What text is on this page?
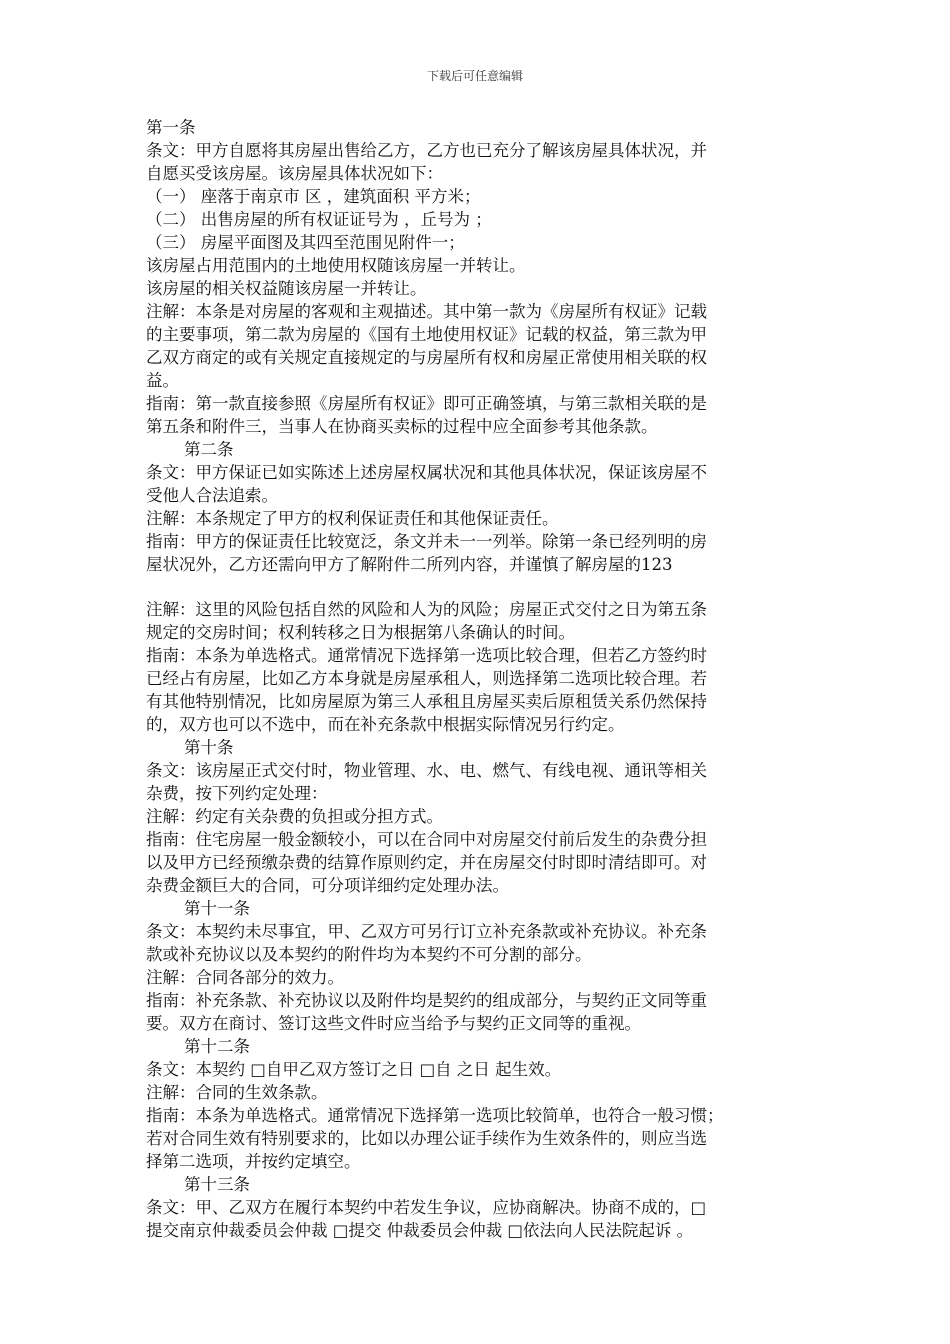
下载后可任意编辑
第一条
条文：甲方自愿将其房屋出售给乙方，乙方也已充分了解该房屋具体状况，并
自愿买受该房屋。该房屋具体状况如下：
（一） 座落于南京市 区 ，建筑面积 平方米；
（二） 出售房屋的所有权证证号为 ，丘号为 ；
（三） 房屋平面图及其四至范围见附件一；
该房屋占用范围内的土地使用权随该房屋一并转让。
该房屋的相关权益随该房屋一并转让。
注解：本条是对房屋的客观和主观描述。其中第一款为《房屋所有权证》记载
的主要事项，第二款为房屋的《国有土地使用权证》记载的权益，第三款为甲
乙双方商定的或有关规定直接规定的与房屋所有权和房屋正常使用相关联的权
益。
指南：第一款直接参照《房屋所有权证》即可正确签填，与第三款相关联的是
第五条和附件三，当事人在协商买卖标的过程中应全面参考其他条款。
第二条
条文：甲方保证已如实陈述上述房屋权属状况和其他具体状况，保证该房屋不
受他人合法追索。
注解：本条规定了甲方的权利保证责任和其他保证责任。
指南：甲方的保证责任比较宽泛，条文并未一一列举。除第一条已经列明的房
屋状况外，乙方还需向甲方了解附件二所列内容，并谨慎了解房屋的123
注解：这里的风险包括自然的风险和人为的风险；房屋正式交付之日为第五条
规定的交房时间；权利转移之日为根据第八条确认的时间。
指南：本条为单选格式。通常情况下选择第一选项比较合理，但若乙方签约时
已经占有房屋，比如乙方本身就是房屋承租人，则选择第二选项比较合理。若
有其他特别情况，比如房屋原为第三人承租且房屋买卖后原租赁关系仍然保持
的，双方也可以不选中，而在补充条款中根据实际情况另行约定。
第十条
条文：该房屋正式交付时，物业管理、水、电、燃气、有线电视、通讯等相关
杂费，按下列约定处理：
注解：约定有关杂费的负担或分担方式。
指南：住宅房屋一般金额较小，可以在合同中对房屋交付前后发生的杂费分担
以及甲方已经预缴杂费的结算作原则约定，并在房屋交付时即时清结即可。对
杂费金额巨大的合同，可分项详细约定处理办法。
第十一条
条文：本契约未尽事宜，甲、乙双方可另行订立补充条款或补充协议。补充条
款或补充协议以及本契约的附件均为本契约不可分割的部分。
注解：合同各部分的效力。
指南：补充条款、补充协议以及附件均是契约的组成部分，与契约正文同等重
要。双方在商讨、签订这些文件时应当给予与契约正文同等的重视。
第十二条
条文：本契约 □自甲乙双方签订之日 □自 之日 起生效。
注解：合同的生效条款。
指南：本条为单选格式。通常情况下选择第一选项比较简单，也符合一般习惯；
若对合同生效有特别要求的，比如以办理公证手续作为生效条件的，则应当选
择第二选项，并按约定填空。
第十三条
条文：甲、乙双方在履行本契约中若发生争议，应协商解决。协商不成的，□
提交南京仲裁委员会仲裁 □提交 仲裁委员会仲裁 □依法向人民法院起诉 。
